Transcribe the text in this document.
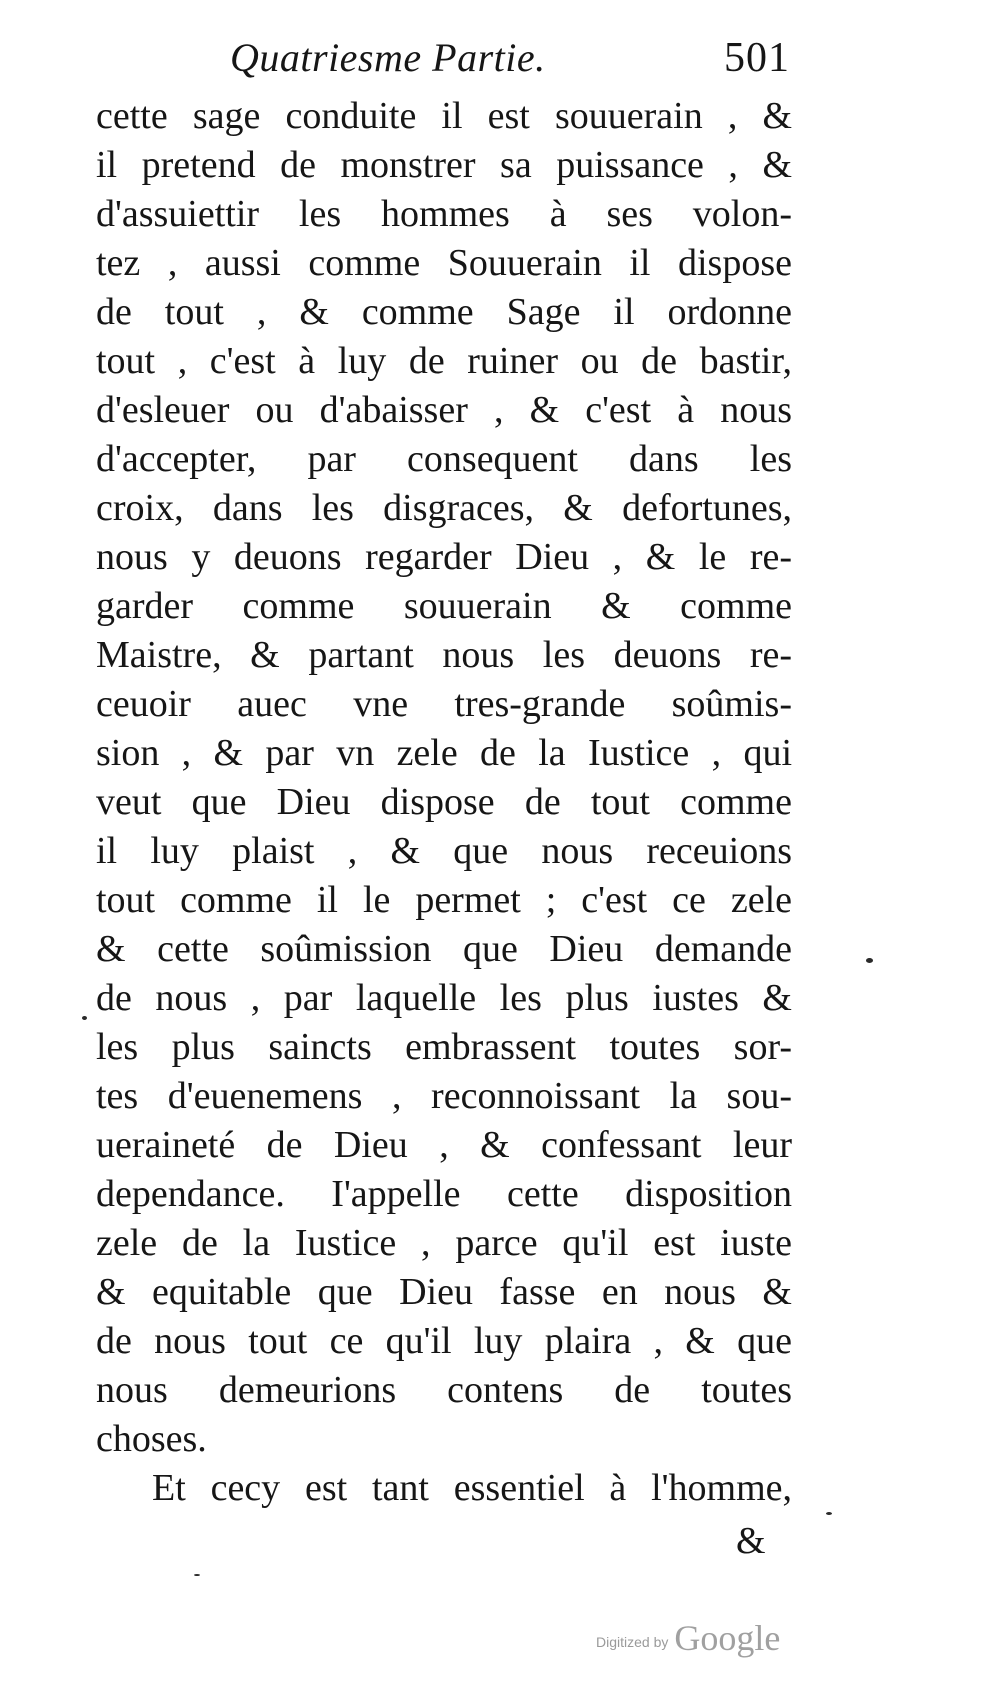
Quatriesme Partie.	501
cette sage conduite il est souuerain , &
il pretend de monstrer sa puissance , &
d'assuiettir les hommes à ses volon-
tez , aussi comme Souuerain il dispose
de tout , & comme Sage il ordonne
tout , c'est à luy de ruiner ou de bastir,
d'esleuer ou d'abaisser , & c'est à nous
d'accepter, par consequent dans les
croix, dans les disgraces, & defortunes,
nous y deuons regarder Dieu , & le re-
garder comme souuerain & comme
Maistre, & partant nous les deuons re-
ceuoir auec vne tres-grande soûmis-
sion , & par vn zele de la Iustice , qui
veut que Dieu dispose de tout comme
il luy plaist , & que nous receuions
tout comme il le permet ; c'est ce zele
& cette soûmission que Dieu demande
de nous , par laquelle les plus iustes &
les plus saincts embrassent toutes sor-
tes d'euenemens , reconnoissant la sou-
ueraineté de Dieu , & confessant leur
dependance. I'appelle cette disposition
zele de la Iustice , parce qu'il est iuste
& equitable que Dieu fasse en nous &
de nous tout ce qu'il luy plaira , & que
nous demeurions contens de toutes
choses.
Et cecy est tant essentiel à l'homme,
&
Digitized by Google
